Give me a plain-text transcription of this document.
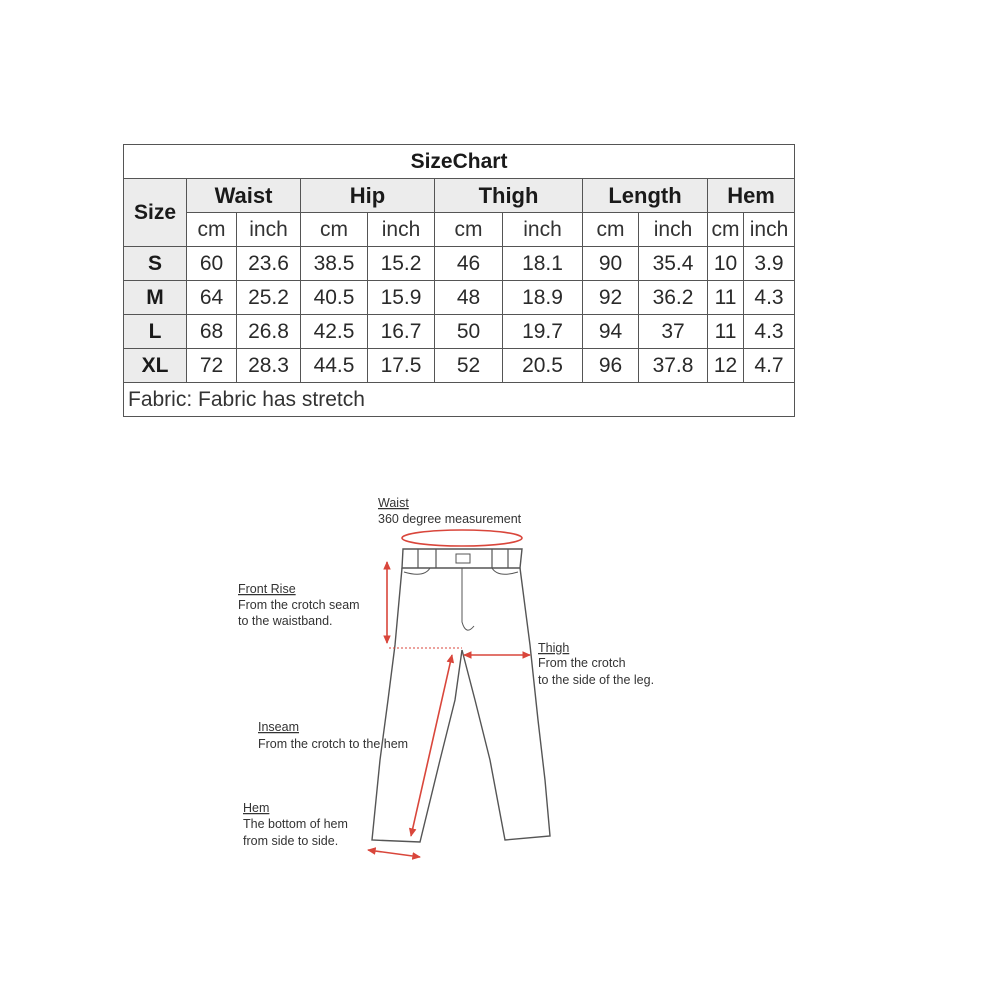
SizeChart										
Size	Waist		Hip		Thigh		Length		Hem	
	cm	inch	cm	inch	cm	inch	cm	inch	cm	inch
S	60	23.6	38.5	15.2	46	18.1	90	35.4	10	3.9
M	64	25.2	40.5	15.9	48	18.9	92	36.2	11	4.3
L	68	26.8	42.5	16.7	50	19.7	94	37	11	4.3
XL	72	28.3	44.5	17.5	52	20.5	96	37.8	12	4.7
Fabric: Fabric has stretch										
Waist
360 degree measurement
Front Rise
From the crotch seam
to the waistband.
Thigh
From the crotch
to the side of the leg.
Inseam
From the crotch to the hem
Hem
The bottom of hem
from side to side.
